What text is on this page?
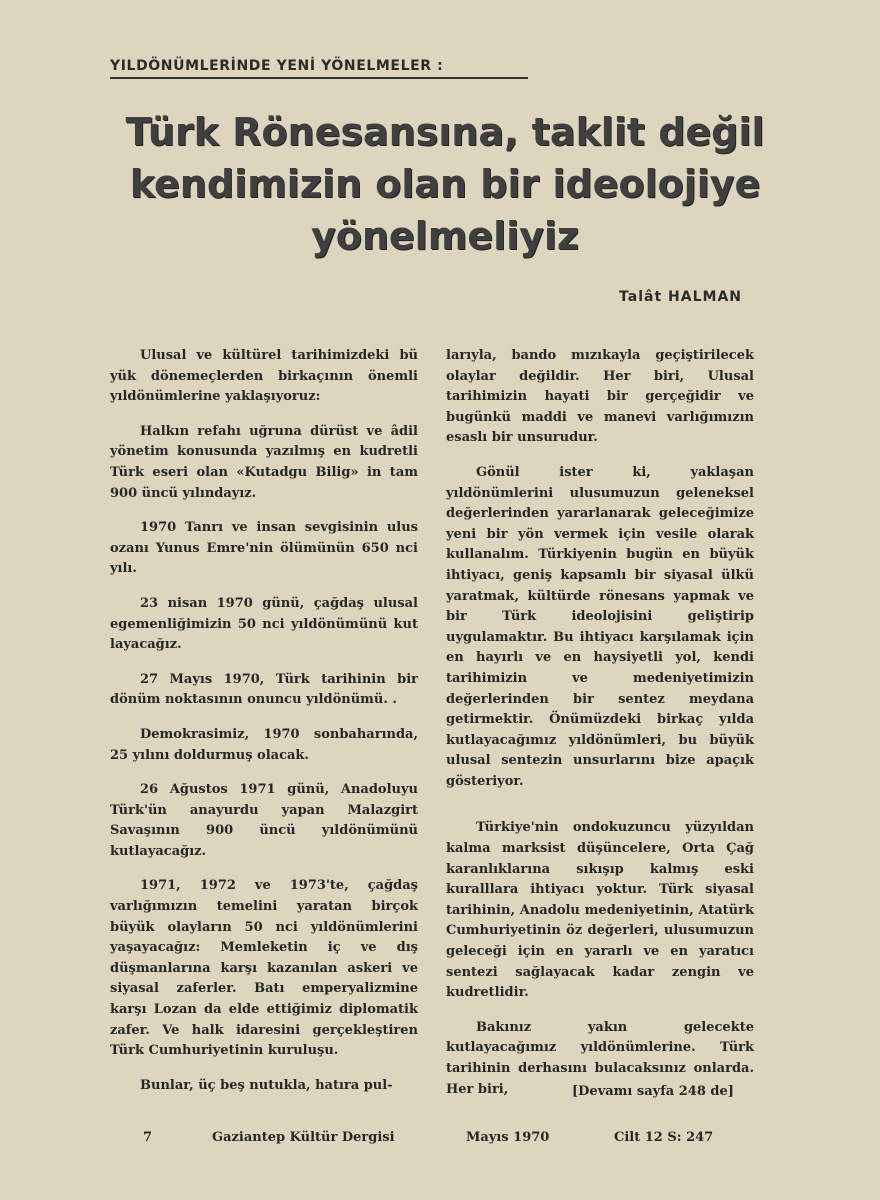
YILDÖNÜMLERİNDE YENİ YÖNELMELER :
Türk Rönesansına, taklit değil kendimizin olan bir ideolojiye yönelmeliyiz
Talât HALMAN

Ulusal ve kültürel tarihimizdeki bü yük dönemeçlerden birkaçının önemli yıldönümlerine yaklaşıyoruz:

Halkın refahı uğruna dürüst ve âdil yönetim konusunda yazılmış en kudretli Türk eseri olan «Kutadgu Bilig» in tam 900 üncü yılındayız.

1970 Tanrı ve insan sevgisinin ulus ozanı Yunus Emre'nin ölümünün 650 nci yılı.

23 nisan 1970 günü, çağdaş ulusal egemenliğimizin 50 nci yıldönümünü kut layacağız.

27 Mayıs 1970, Türk tarihinin bir dönüm noktasının onuncu yıldönümü. .

Demokrasimiz, 1970 sonbaharında, 25 yılını doldurmuş olacak.

26 Ağustos 1971 günü, Anadoluyu Türk'ün anayurdu yapan Malazgirt Savaşının 900 üncü yıldönümünü kutlayacağız.

1971, 1972 ve 1973'te, çağdaş varlığımızın temelini yaratan birçok büyük olayların 50 nci yıldönümlerini yaşayacağız: Memleketin iç ve dış düşmanlarına karşı kazanılan askeri ve siyasal zaferler. Batı emperyalizmine karşı Lozan da elde ettiğimiz diplomatik zafer. Ve halk idaresini gerçekleştiren Türk Cumhuriyetinin kuruluşu.

Bunlar, üç beş nutukla, hatıra pul-

larıyla, bando mızıkayla geçiştirilecek olaylar değildir. Her biri, Ulusal tarihimizin hayati bir gerçeğidir ve bugünkü maddi ve manevi varlığımızın esaslı bir unsurudur.

Gönül ister ki, yaklaşan yıldönümlerini ulusumuzun geleneksel değerlerinden yararlanarak geleceğimize yeni bir yön vermek için vesile olarak kullanalım. Türkiyenin bugün en büyük ihtiyacı, geniş kapsamlı bir siyasal ülkü yaratmak, kültürde rönesans yapmak ve bir Türk ideolojisini geliştirip uygulamaktır. Bu ihtiyacı karşılamak için en hayırlı ve en haysiyetli yol, kendi tarihimizin ve medeniyetimizin değerlerinden bir sentez meydana getirmektir. Önümüzdeki birkaç yılda kutlayacağımız yıldönümleri, bu büyük ulusal sentezin unsurlarını bize apaçık gösteriyor.

Türkiye'nin ondokuzuncu yüzyıldan kalma marksist düşüncelere, Orta Çağ karanlıklarına sıkışıp kalmış eski kuralllara ihtiyacı yoktur. Türk siyasal tarihinin, Anadolu medeniyetinin, Atatürk Cumhuriyetinin öz değerleri, ulusumuzun geleceği için en yararlı ve en yaratıcı sentezi sağlayacak kadar zengin ve kudretlidir.

Bakınız yakın gelecekte kutlayacağımız yıldönümlerine. Türk tarihinin derhasını bulacaksınız onlarda. Her biri,	[Devamı sayfa 248 de]
7	Gaziantep Kültür Dergisi	Mayıs 1970	Cilt 12 S: 247
